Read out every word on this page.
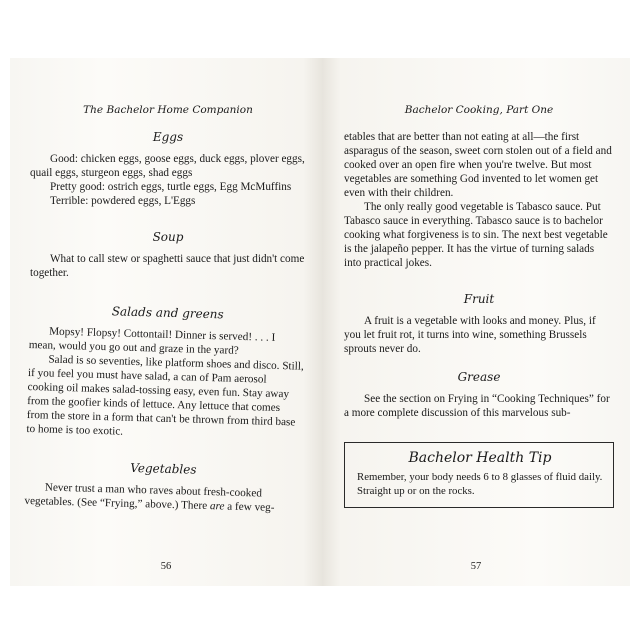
The Bachelor Home Companion
Eggs

Good: chicken eggs, goose eggs, duck eggs, plover eggs, quail eggs, sturgeon eggs, shad eggs

Pretty good: ostrich eggs, turtle eggs, Egg McMuffins

Terrible: powdered eggs, L'Eggs

Soup

What to call stew or spaghetti sauce that just didn't come together.

Salads and greens

Mopsy! Flopsy! Cottontail! Dinner is served! . . . I mean, would you go out and graze in the yard?

Salad is so seventies, like platform shoes and disco. Still, if you feel you must have salad, a can of Pam aerosol cooking oil makes salad-tossing easy, even fun. Stay away from the goofier kinds of lettuce. Any lettuce that comes from the store in a form that can't be thrown from third base to home is too exotic.

Vegetables

Never trust a man who raves about fresh-cooked vegetables. (See “Frying,” above.) There are a few veg-

56
Bachelor Cooking, Part One

etables that are better than not eating at all—the first asparagus of the season, sweet corn stolen out of a field and cooked over an open fire when you're twelve. But most vegetables are something God invented to let women get even with their children.

The only really good vegetable is Tabasco sauce. Put Tabasco sauce in everything. Tabasco sauce is to bachelor cooking what forgiveness is to sin. The next best vegetable is the jalapeño pepper. It has the virtue of turning salads into practical jokes.

Fruit

A fruit is a vegetable with looks and money. Plus, if you let fruit rot, it turns into wine, something Brussels sprouts never do.

Grease

See the section on Frying in “Cooking Techniques” for a more complete discussion of this marvelous sub-

Bachelor Health Tip

Remember, your body needs 6 to 8 glasses of fluid daily. Straight up or on the rocks.

57
